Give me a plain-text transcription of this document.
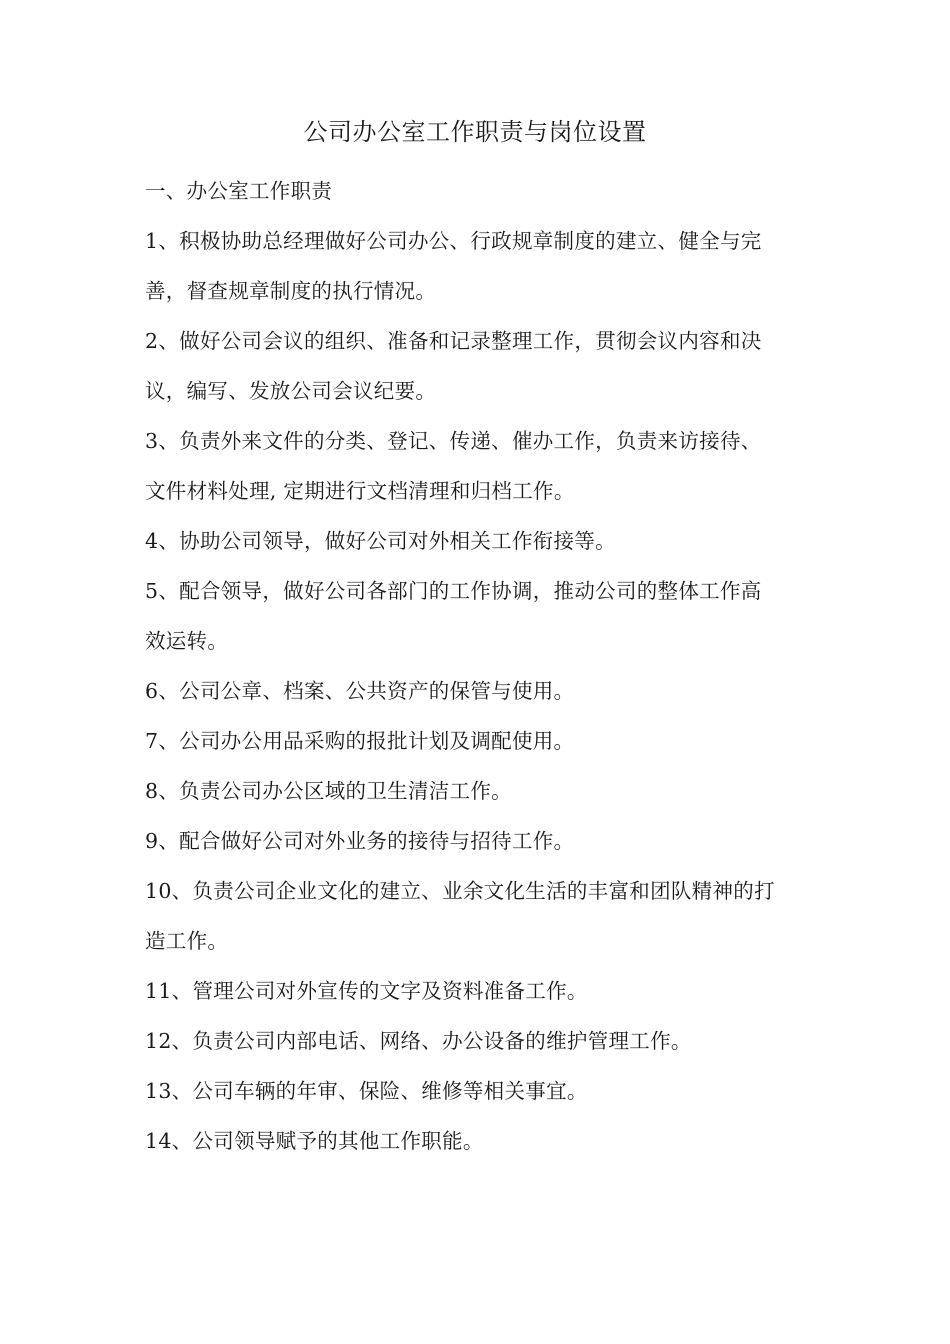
公司办公室工作职责与岗位设置
一、办公室工作职责
1、积极协助总经理做好公司办公、行政规章制度的建立、健全与完
善，督查规章制度的执行情况。
2、做好公司会议的组织、准备和记录整理工作，贯彻会议内容和决
议，编写、发放公司会议纪要。
3、负责外来文件的分类、登记、传递、催办工作，负责来访接待、
文件材料处理, 定期进行文档清理和归档工作。
4、协助公司领导，做好公司对外相关工作衔接等。
5、配合领导，做好公司各部门的工作协调，推动公司的整体工作高
效运转。
6、公司公章、档案、公共资产的保管与使用。
7、公司办公用品采购的报批计划及调配使用。
8、负责公司办公区域的卫生清洁工作。
9、配合做好公司对外业务的接待与招待工作。
10、负责公司企业文化的建立、业余文化生活的丰富和团队精神的打
造工作。
11、管理公司对外宣传的文字及资料准备工作。
12、负责公司内部电话、网络、办公设备的维护管理工作。
13、公司车辆的年审、保险、维修等相关事宜。
14、公司领导赋予的其他工作职能。
